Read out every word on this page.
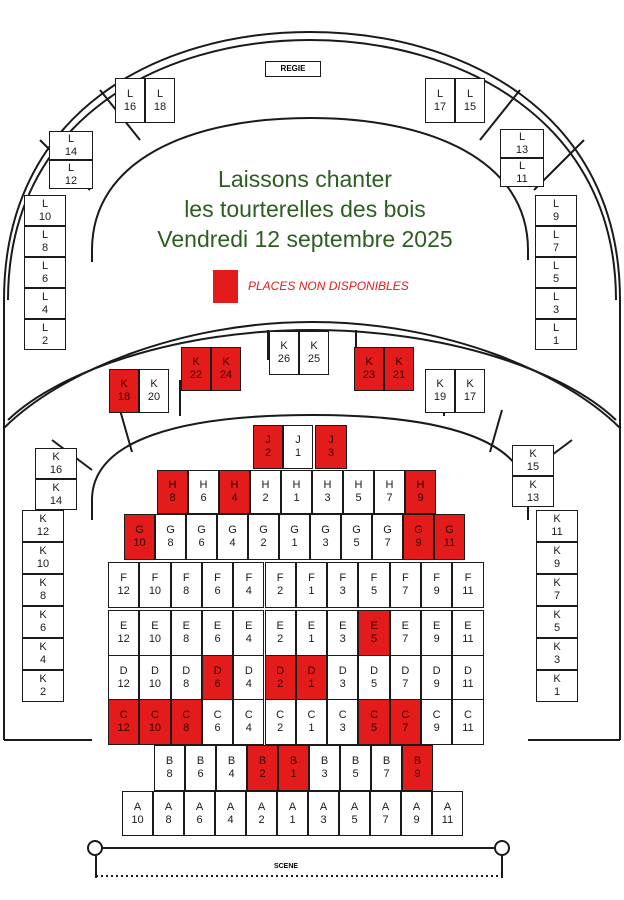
REGIE
Laissons chanter
les tourterelles des bois
Vendredi 12 septembre 2025
PLACES NON DISPONIBLES
L
16
L
18
L
17
L
15
L
14
L
12
L
13
L
11
L
10
L
8
L
6
L
4
L
2
L
9
L
7
L
5
L
3
L
1
K
22
K
24
K
26
K
25	K
23
K
21
K
18
K
20
K
19
K
17
K
16
K
14
K
15
K
13
K
12
K
10
K
8
K
6
K
4
K
2
K
11
K
9
K
7
K
5
K
3
K
1
J
2
J
1
J
3
H
8
H
6
H
4
H
2
H
1
H
3
H
5
H
7
H
9
G
10
G
8
G
6
G
4
G
2
G
1
G
3
G
5
G
7
G
9
G
11
F
12
F
10
F
8
F
6
F
4
F
2
F
1
F
3
F
5
F
7
F
9
F
11
E
12
E
10
E
8
E
6
E
4
E
2
E
1
E
3
E
5
E
7
E
9
E
11
D
12
D
10
D
8
D
6
D
4
D
2
D
1
D
3
D
5
D
7
D
9
D
11
C
12
C
10
C
8
C
6
C
4
C
2
C
1
C
3
C
5
C
7
C
9
C
11
B
8
B
6
B
4
B
2
B
1
B
3
B
5
B
7
B
9
A
10
A
8
A
6
A
4
A
2
A
1
A
3
A
5
A
7
A
9
A
11
SCENE
